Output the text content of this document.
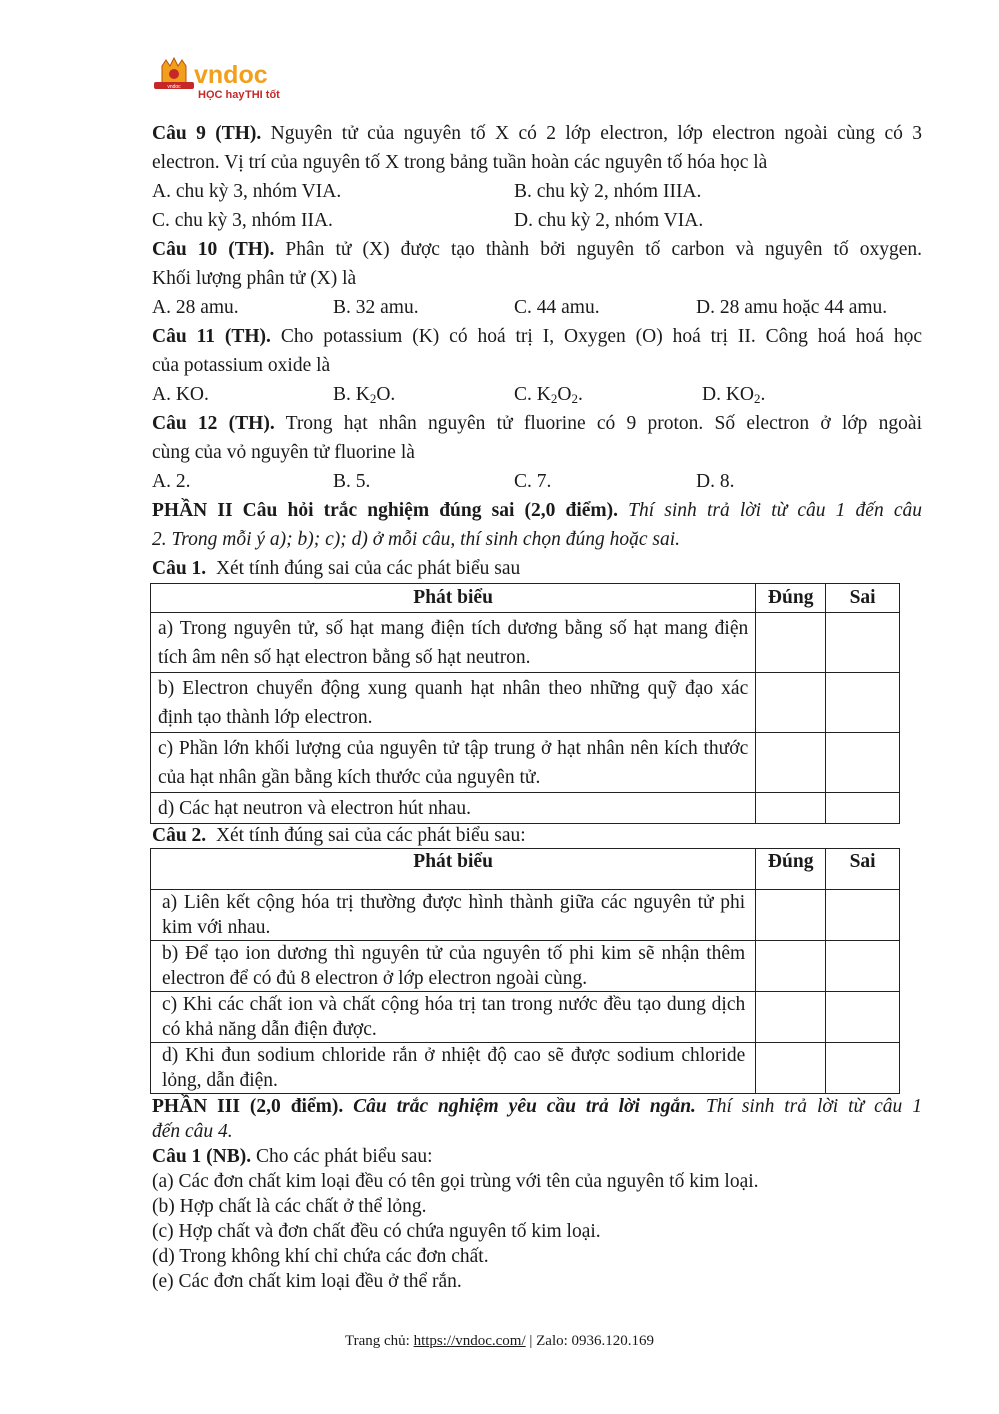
vndoc vndoc
HỌC hay THI tốt

Câu 9 (TH). Nguyên tử của nguyên tố X có 2 lớp electron, lớp electron ngoài cùng có 3

electron. Vị trí của nguyên tố X trong bảng tuần hoàn các nguyên tố hóa học là

A. chu kỳ 3, nhóm VIA.	B. chu kỳ 2, nhóm IIIA.
C. chu kỳ 3, nhóm IIA.	D. chu kỳ 2, nhóm VIA.

Câu 10 (TH). Phân tử (X) được tạo thành bởi nguyên tố carbon và nguyên tố oxygen.

Khối lượng phân tử (X) là

A. 28 amu.	B. 32 amu.	C. 44 amu.	D. 28 amu hoặc 44 amu.

Câu 11 (TH). Cho potassium (K) có hoá trị I, Oxygen (O) hoá trị II. Công hoá hoá học

của potassium oxide là

A. KO.	B. $K_2O$.	C. $K_2O_2$.	D. $KO_2$.

Câu 12 (TH). Trong hạt nhân nguyên tử fluorine có 9 proton. Số electron ở lớp ngoài

cùng của vỏ nguyên tử fluorine là

A. 2.	B. 5.	C. 7.	D. 8.

PHẦN II Câu hỏi trắc nghiệm đúng sai (2,0 điểm). Thí sinh trả lời từ câu 1 đến câu

2. Trong mỗi ý a); b); c); d) ở mỗi câu, thí sinh chọn đúng hoặc sai.

Câu 1.  Xét tính đúng sai của các phát biểu sau

Phát biểu	Đúng	Sai
a) Trong nguyên tử, số hạt mang điện tích dương bằng số hạt mang điện tích âm nên số hạt electron bằng số hạt neutron.		
b) Electron chuyển động xung quanh hạt nhân theo những quỹ đạo xác định tạo thành lớp electron.		
c) Phần lớn khối lượng của nguyên tử tập trung ở hạt nhân nên kích thước của hạt nhân gần bằng kích thước của nguyên tử.		
d) Các hạt neutron và electron hút nhau.		

Câu 2.  Xét tính đúng sai của các phát biểu sau:

Phát biểu	Đúng	Sai
a) Liên kết cộng hóa trị thường được hình thành giữa các nguyên tử phi kim với nhau.		
b) Để tạo ion dương thì nguyên tử của nguyên tố phi kim sẽ nhận thêm electron để có đủ 8 electron ở lớp electron ngoài cùng.		
c) Khi các chất ion và chất cộng hóa trị tan trong nước đều tạo dung dịch có khả năng dẫn điện được.		
d) Khi đun sodium chloride rắn ở nhiệt độ cao sẽ được sodium chloride lỏng, dẫn điện.		

PHẦN III (2,0 điểm). Câu trắc nghiệm yêu cầu trả lời ngắn. Thí sinh trả lời từ câu 1

đến câu 4.

Câu 1 (NB). Cho các phát biểu sau:

(a) Các đơn chất kim loại đều có tên gọi trùng với tên của nguyên tố kim loại.

(b) Hợp chất là các chất ở thể lỏng.

(c) Hợp chất và đơn chất đều có chứa nguyên tố kim loại.

(d) Trong không khí chỉ chứa các đơn chất.

(e) Các đơn chất kim loại đều ở thể rắn.

Trang chủ: https://vndoc.com/ | Zalo: 0936.120.169
